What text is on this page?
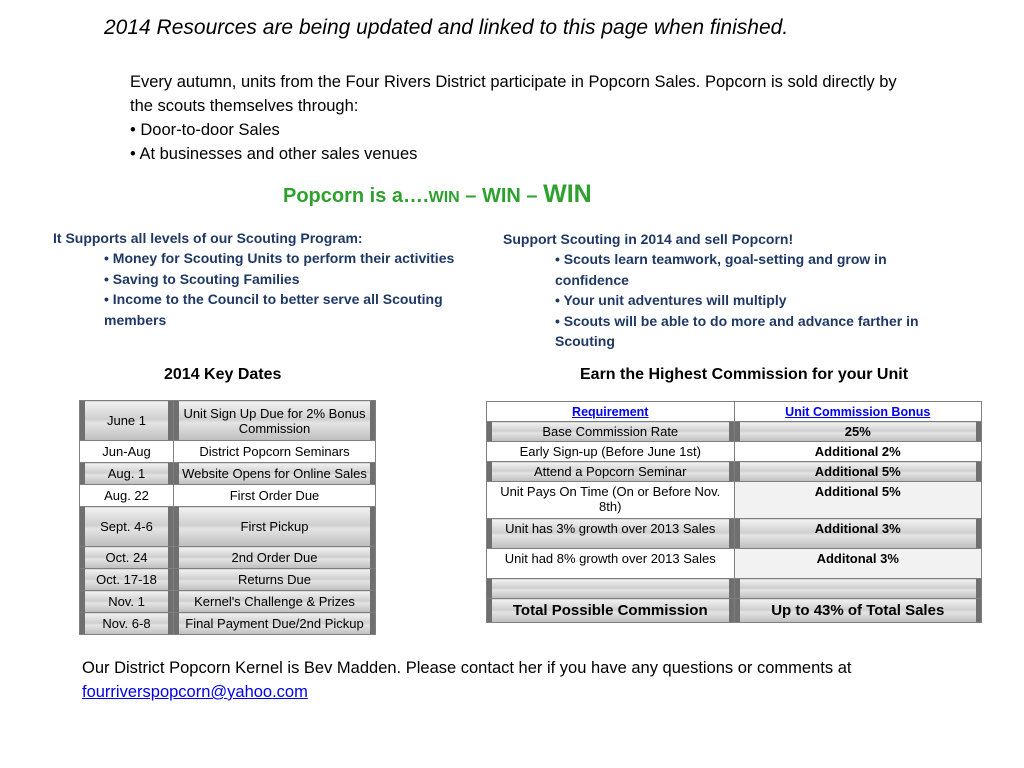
2014 Resources are being updated and linked to this page when finished.
Every autumn, units from the Four Rivers District participate in Popcorn Sales. Popcorn is sold directly by the scouts themselves through:
• Door-to-door Sales
• At businesses and other sales venues
Popcorn is a….WIN – WIN – WIN
It Supports all levels of our Scouting Program:
• Money for Scouting Units to perform their activities
• Saving to Scouting Families
• Income to the Council to better serve all Scouting members
Support Scouting in 2014 and sell Popcorn!
• Scouts learn teamwork, goal-setting and grow in confidence
• Your unit adventures will multiply
• Scouts will be able to do more and advance farther in Scouting
2014 Key Dates	Earn the Highest Commission for your Unit
June 1	Unit Sign Up Due for 2% Bonus Commission
Jun-Aug	District Popcorn Seminars
Aug. 1	Website Opens for Online Sales
Aug. 22	First Order Due
Sept. 4-6	First Pickup
Oct. 24	2nd Order Due
Oct. 17-18	Returns Due
Nov. 1	Kernel's Challenge & Prizes
Nov. 6-8	Final Payment Due/2nd Pickup
Requirement	Unit Commission Bonus
Base Commission Rate	25%
Early Sign-up (Before June 1st)	Additional 2%
Attend a Popcorn Seminar	Additional 5%
Unit Pays On Time (On or Before Nov. 8th)	Additional 5%
Unit has 3% growth over 2013 Sales	Additional 3%
Unit had 8% growth over 2013 Sales	Additonal 3%

Total Possible Commission	Up to 43% of Total Sales
Our District Popcorn Kernel is Bev Madden. Please contact her if you have any questions or comments at
fourriverspopcorn@yahoo.com
